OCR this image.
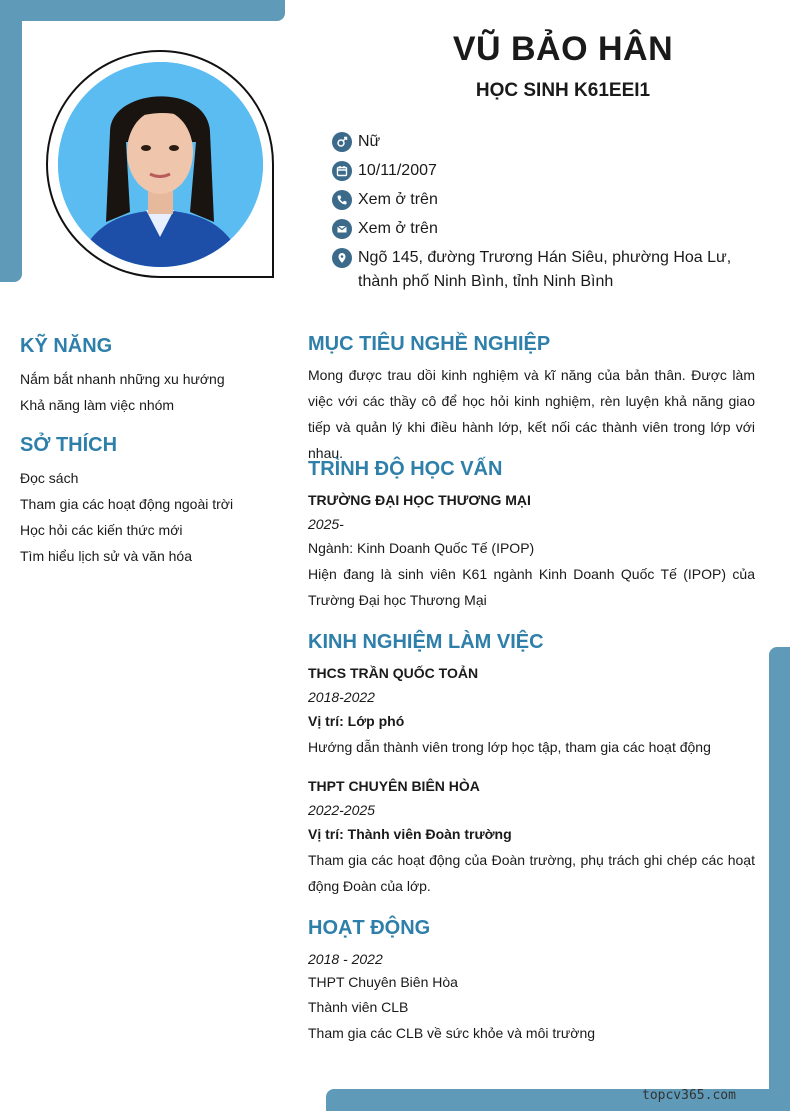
VŨ BẢO HÂN
HỌC SINH K61EEI1
Nữ
10/11/2007
Xem ở trên
Xem ở trên
Ngõ 145, đường Trương Hán Siêu, phường Hoa Lư, thành phố Ninh Bình, tỉnh Ninh Bình
KỸ NĂNG
Nắm bắt nhanh những xu hướng
Khả năng làm việc nhóm
SỞ THÍCH
Đọc sách
Tham gia các hoạt động ngoài trời
Học hỏi các kiến thức mới
Tìm hiểu lịch sử và văn hóa
MỤC TIÊU NGHỀ NGHIỆP
Mong được trau dồi kinh nghiệm và kĩ năng của bản thân. Được làm việc với các thầy cô để học hỏi kinh nghiệm, rèn luyện khả năng giao tiếp và quản lý khi điều hành lớp, kết nối các thành viên trong lớp với nhau.
TRÌNH ĐỘ HỌC VẤN
TRƯỜNG ĐẠI HỌC THƯƠNG MẠI
2025-
Ngành: Kinh Doanh Quốc Tế (IPOP)
Hiện đang là sinh viên K61 ngành Kinh Doanh Quốc Tế (IPOP) của Trường Đại học Thương Mại
KINH NGHIỆM LÀM VIỆC
THCS TRẦN QUỐC TOẢN
2018-2022
Vị trí: Lớp phó
Hướng dẫn thành viên trong lớp học tập, tham gia các hoạt động
THPT CHUYÊN BIÊN HÒA
2022-2025
Vị trí: Thành viên Đoàn trường
Tham gia các hoạt động của Đoàn trường, phụ trách ghi chép các hoạt động Đoàn của lớp.
HOẠT ĐỘNG
2018 - 2022
THPT Chuyên Biên Hòa
Thành viên CLB
Tham gia các CLB về sức khỏe và môi trường
topcv365.com
